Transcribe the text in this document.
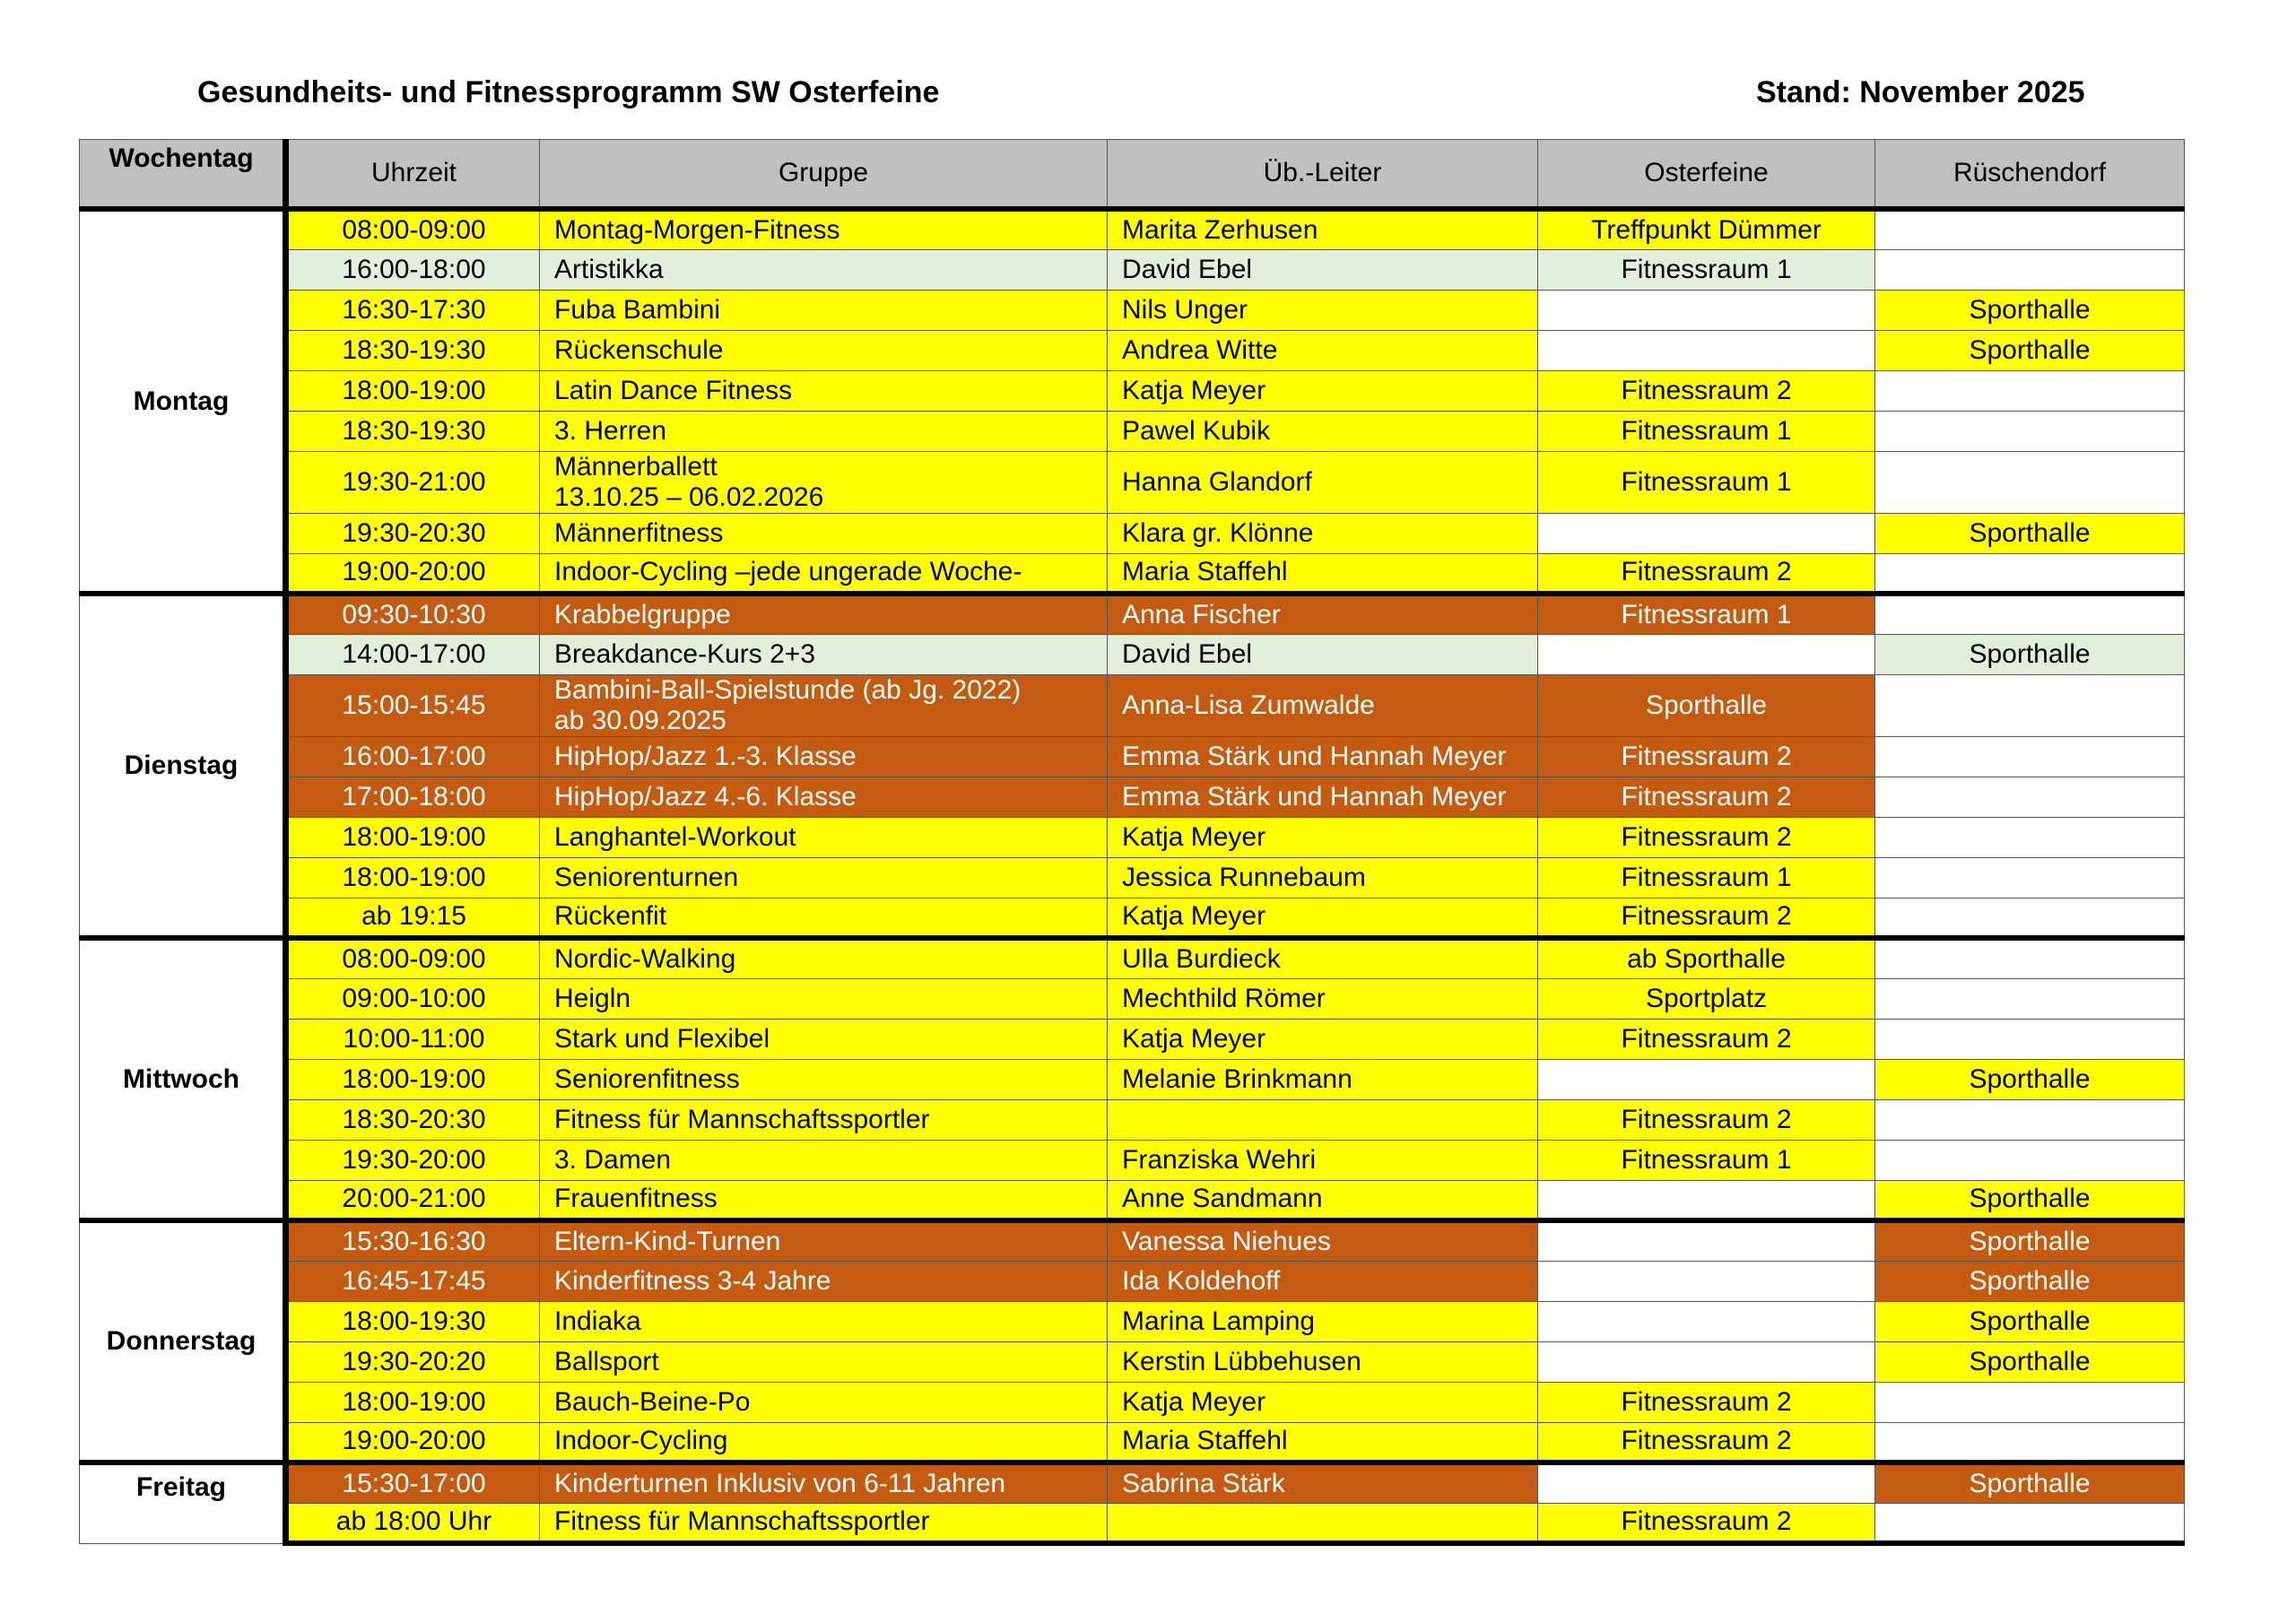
Gesundheits- und Fitnessprogramm SW Osterfeine	Stand: November 2025
Wochentag	Uhrzeit	Gruppe	Üb.-Leiter	Osterfeine	Rüschendorf
Montag	08:00-09:00	Montag-Morgen-Fitness	Marita Zerhusen	Treffpunkt Dümmer	
	16:00-18:00	Artistikka	David Ebel	Fitnessraum 1	
	16:30-17:30	Fuba Bambini	Nils Unger		Sporthalle
	18:30-19:30	Rückenschule	Andrea Witte		Sporthalle
	18:00-19:00	Latin Dance Fitness	Katja Meyer	Fitnessraum 2	
	18:30-19:30	3. Herren	Pawel Kubik	Fitnessraum 1	
	19:30-21:00	Männerballett
13.10.25 – 06.02.2026	Hanna Glandorf	Fitnessraum 1	
	19:30-20:30	Männerfitness	Klara gr. Klönne		Sporthalle
	19:00-20:00	Indoor-Cycling –jede ungerade Woche-	Maria Staffehl	Fitnessraum 2	
Dienstag	09:30-10:30	Krabbelgruppe	Anna Fischer	Fitnessraum 1	
	14:00-17:00	Breakdance-Kurs 2+3	David Ebel		Sporthalle
	15:00-15:45	Bambini-Ball-Spielstunde (ab Jg. 2022)
ab 30.09.2025	Anna-Lisa Zumwalde	Sporthalle	
	16:00-17:00	HipHop/Jazz 1.-3. Klasse	Emma Stärk und Hannah Meyer	Fitnessraum 2	
	17:00-18:00	HipHop/Jazz 4.-6. Klasse	Emma Stärk und Hannah Meyer	Fitnessraum 2	
	18:00-19:00	Langhantel-Workout	Katja Meyer	Fitnessraum 2	
	18:00-19:00	Seniorenturnen	Jessica Runnebaum	Fitnessraum 1	
	ab 19:15	Rückenfit	Katja Meyer	Fitnessraum 2	
Mittwoch	08:00-09:00	Nordic-Walking	Ulla Burdieck	ab Sporthalle	
	09:00-10:00	Heigln	Mechthild Römer	Sportplatz	
	10:00-11:00	Stark und Flexibel	Katja Meyer	Fitnessraum 2	
	18:00-19:00	Seniorenfitness	Melanie Brinkmann		Sporthalle
	18:30-20:30	Fitness für Mannschaftssportler		Fitnessraum 2	
	19:30-20:00	3. Damen	Franziska Wehri	Fitnessraum 1	
	20:00-21:00	Frauenfitness	Anne Sandmann		Sporthalle
Donnerstag	15:30-16:30	Eltern-Kind-Turnen	Vanessa Niehues		Sporthalle
	16:45-17:45	Kinderfitness 3-4 Jahre	Ida Koldehoff		Sporthalle
	18:00-19:30	Indiaka	Marina Lamping		Sporthalle
	19:30-20:20	Ballsport	Kerstin Lübbehusen		Sporthalle
	18:00-19:00	Bauch-Beine-Po	Katja Meyer	Fitnessraum 2	
	19:00-20:00	Indoor-Cycling	Maria Staffehl	Fitnessraum 2	
Freitag	15:30-17:00	Kinderturnen Inklusiv von 6-11 Jahren	Sabrina Stärk		Sporthalle
	ab 18:00 Uhr	Fitness für Mannschaftssportler		Fitnessraum 2	
